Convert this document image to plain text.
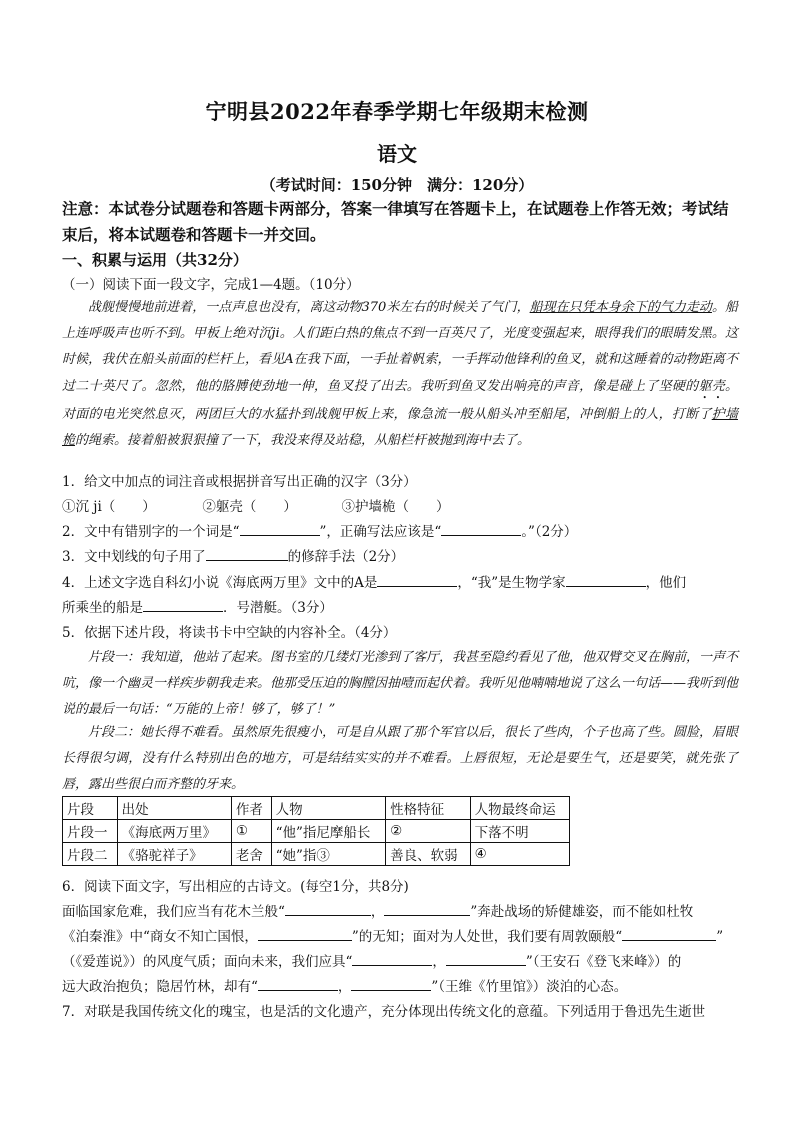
宁明县2022年春季学期七年级期末检测
语文
（考试时间：150分钟　满分：120分）
注意：本试卷分试题卷和答题卡两部分，答案一律填写在答题卡上，在试题卷上作答无效；考试结束后，将本试题卷和答题卡一并交回。
一、积累与运用（共32分）
（一）阅读下面一段文字，完成1—4题。（10分）
战舰慢慢地前进着，一点声息也没有，离这动物370米左右的时候关了气门，船现在只凭本身余下的气力走动。船上连呼吸声也听不到。甲板上绝对沉ji。人们距白热的焦点不到一百英尺了，光度变强起来，眼得我们的眼睛发黑。这时候，我伏在船头前面的栏杆上，看见A在我下面，一手扯着帆索，一手挥动他锋利的鱼叉，就和这睡着的动物距离不过二十英尺了。忽然，他的胳膊使劲地一伸，鱼叉投了出去。我听到鱼叉发出响亮的声音，像是碰上了坚硬的躯壳。对面的电光突然息灭，两团巨大的水猛扑到战舰甲板上来，像急流一般从船头冲至船尾，冲倒船上的人，打断了护墙桅的绳索。接着船被狠狠撞了一下，我没来得及站稳，从船栏杆被抛到海中去了。
1．给文中加点的词注音或根据拼音写出正确的汉字（3分）
①沉 ji（　　）	②躯壳（　　）	③护墙桅（　　）
2．文中有错别字的一个词是“	”，正确写法应该是“	。”（2分）
3．文中划线的句子用了	的修辞手法（2分）
4．上述文字选自科幻小说《海底两万里》文中的A是	，“我”是生物学家	，他们
所乘坐的船是	．号潜艇。（3分）
5．依据下述片段，将读书卡中空缺的内容补全。（4分）
片段一：我知道，他站了起来。图书室的几缕灯光渗到了客厅，我甚至隐约看见了他，他双臂交叉在胸前，一声不吭，像一个幽灵一样疾步朝我走来。他那受压迫的胸膛因抽噎而起伏着。我听见他喃喃地说了这么一句话——我听到他说的最后一句话：“万能的上帝！够了，够了！”
片段二：她长得不难看。虽然原先很瘦小，可是自从跟了那个军官以后，很长了些肉，个子也高了些。圆脸，眉眼长得很匀调，没有什么特别出色的地方，可是结结实实的并不难看。上唇很短，无论是要生气，还是要笑，就先张了唇，露出些很白而齐整的牙来。
片段	出处	作者	人物	性格特征	人物最终命运
片段一	《海底两万里》	①	“他”指尼摩船长	②	下落不明
片段二	《骆驼祥子》	老舍	“她”指③	善良、软弱	④
6．阅读下面文字，写出相应的古诗文。(每空1分，共8分)
面临国家危难，我们应当有花木兰般“	，	”奔赴战场的矫健雄姿，而不能如杜牧
《泊秦淮》中“商女不知亡国恨，	”的无知；面对为人处世，我们要有周敦颐般“	”
（《爱莲说》）的风度气质；面向未来，我们应具“	，	”（王安石《登飞来峰》）的
远大政治抱负；隐居竹林，却有“	，	”（王维《竹里馆》）淡泊的心态。
7．对联是我国传统文化的瑰宝，也是活的文化遗产，充分体现出传统文化的意蕴。下列适用于鲁迅先生逝世
